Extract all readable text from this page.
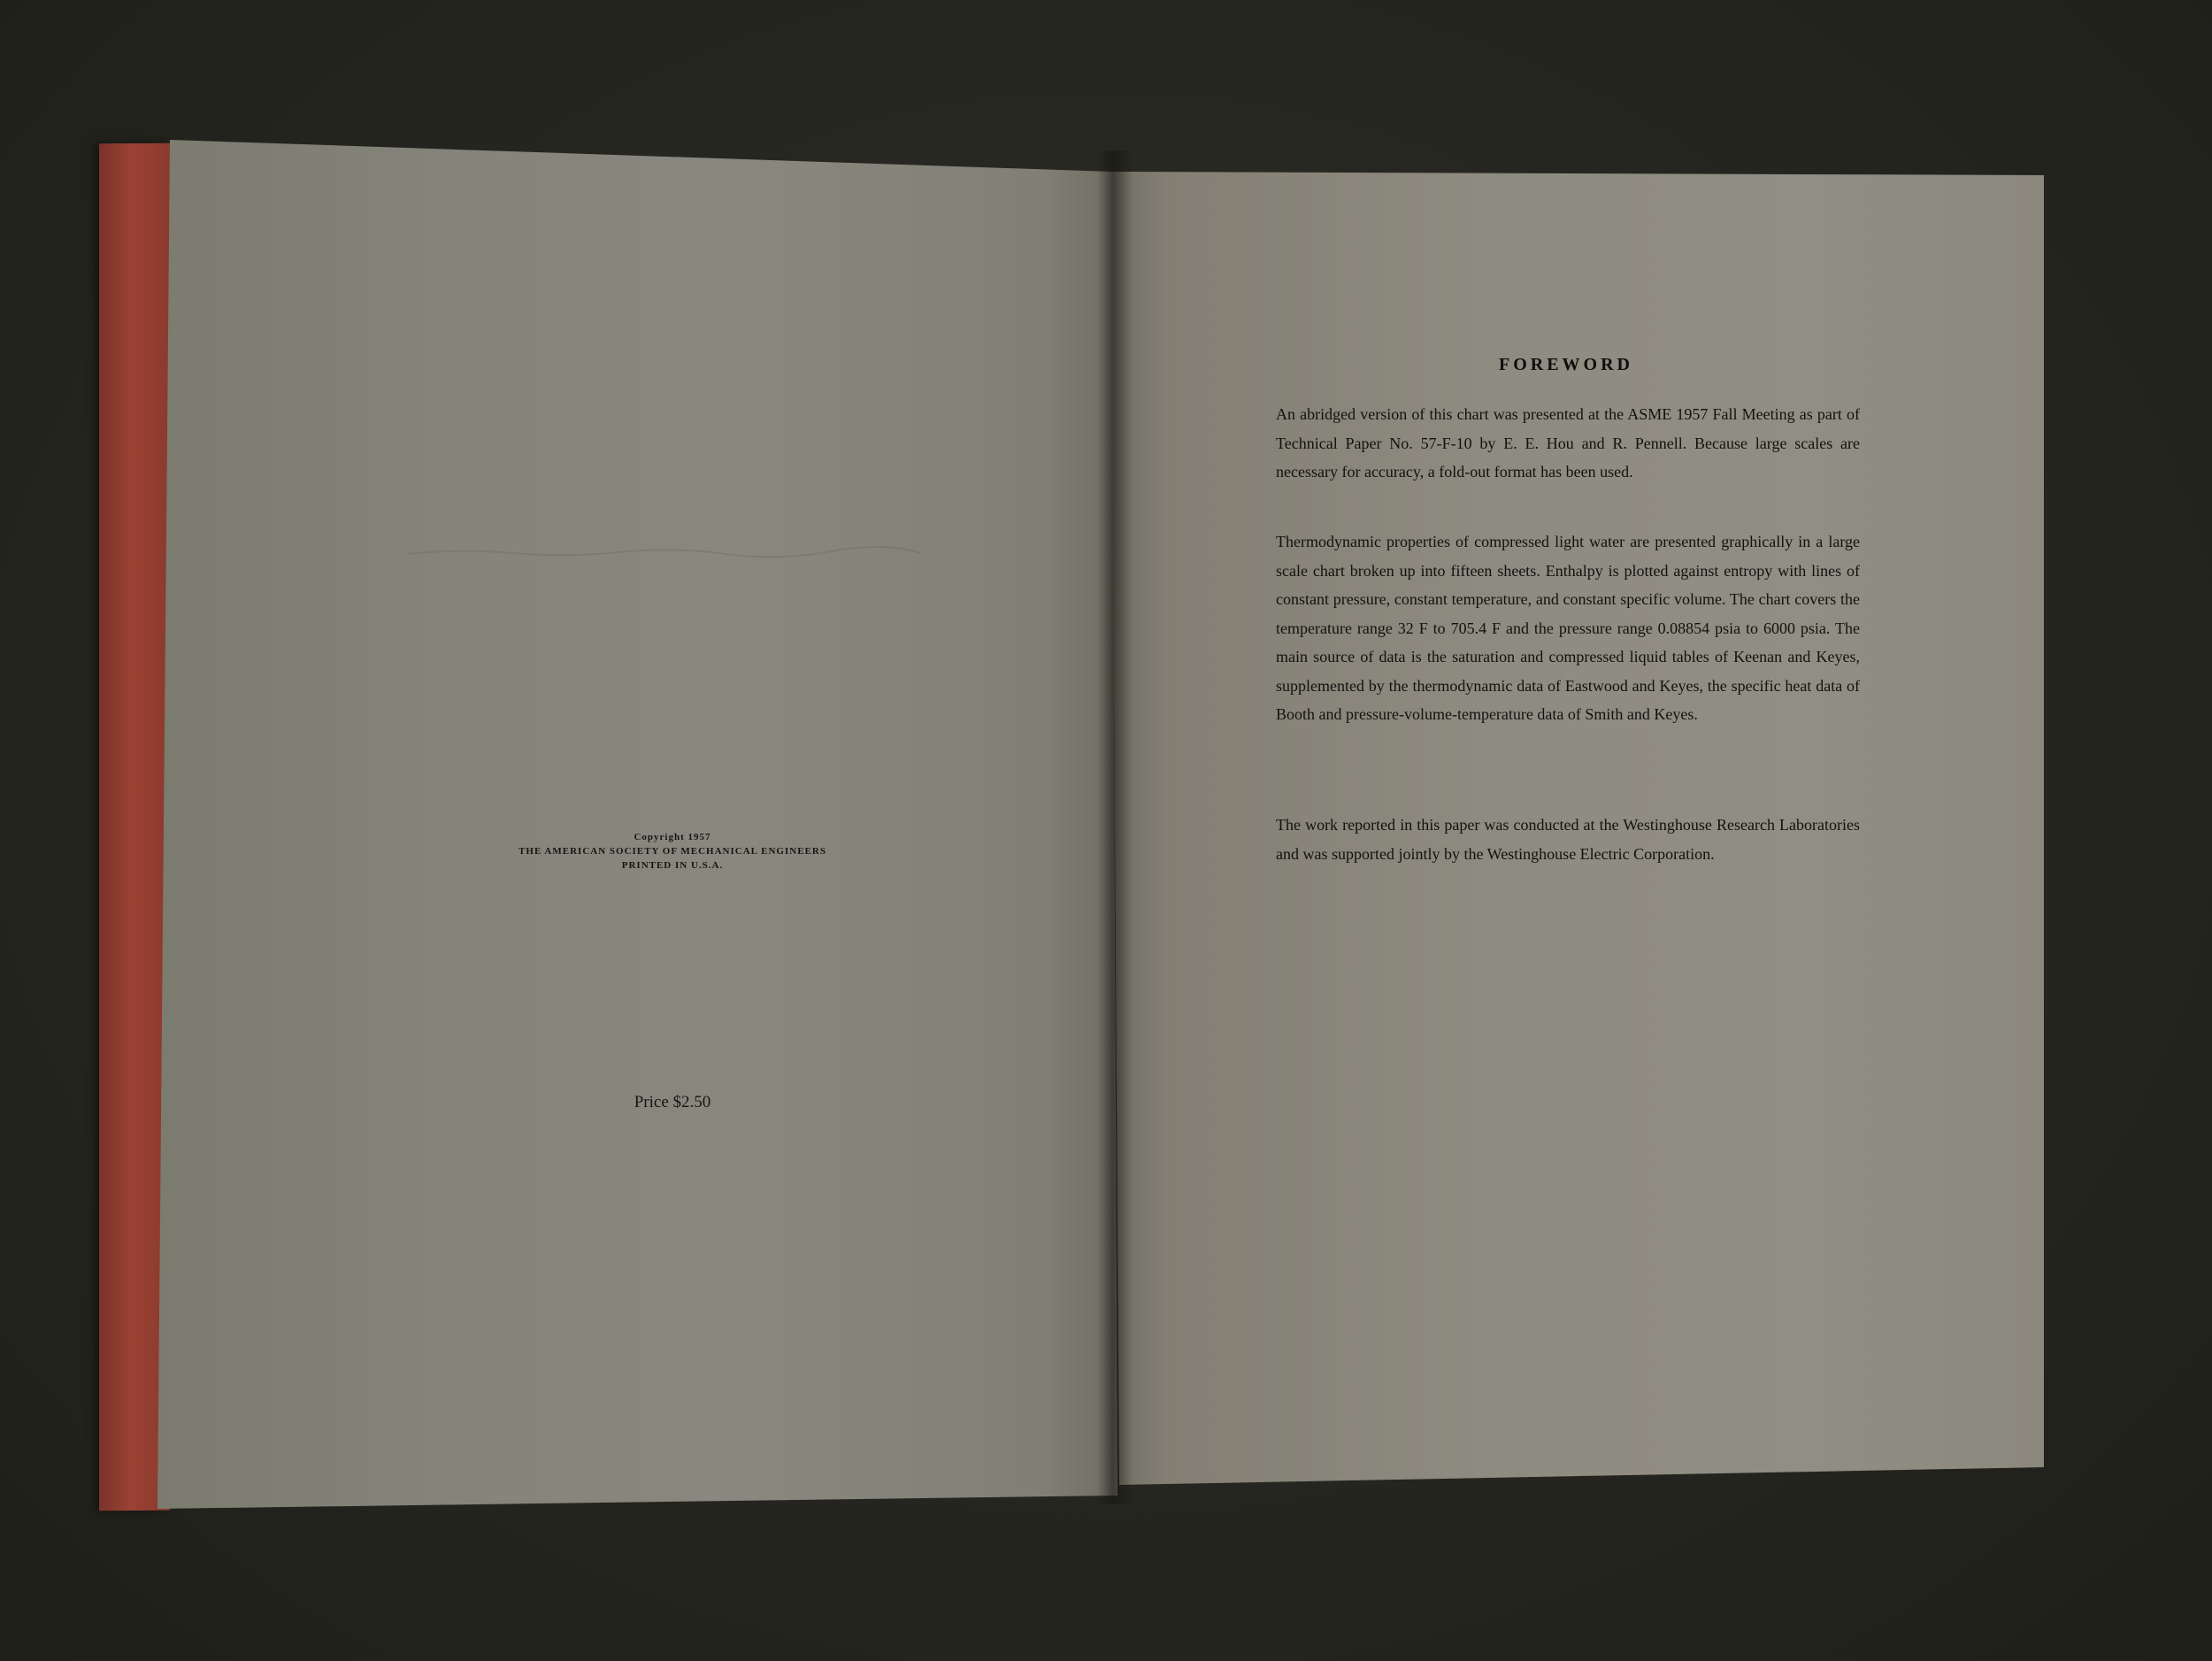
Copyright 1957
THE AMERICAN SOCIETY OF MECHANICAL ENGINEERS
PRINTED IN U.S.A.
Price $2.50
FOREWORD
An abridged version of this chart was presented at the ASME 1957 Fall Meeting as part of Technical Paper No. 57-F-10 by E. E. Hou and R. Pennell. Because large scales are necessary for accuracy, a fold-out format has been used.
Thermodynamic properties of compressed light water are presented graphically in a large scale chart broken up into fifteen sheets. Enthalpy is plotted against entropy with lines of constant pressure, constant temperature, and constant specific volume. The chart covers the temperature range 32 F to 705.4 F and the pressure range 0.08854 psia to 6000 psia. The main source of data is the saturation and compressed liquid tables of Keenan and Keyes, supplemented by the thermodynamic data of Eastwood and Keyes, the specific heat data of Booth and pressure-volume-temperature data of Smith and Keyes.
The work reported in this paper was conducted at the Westinghouse Research Laboratories and was supported jointly by the Westinghouse Electric Corporation.
